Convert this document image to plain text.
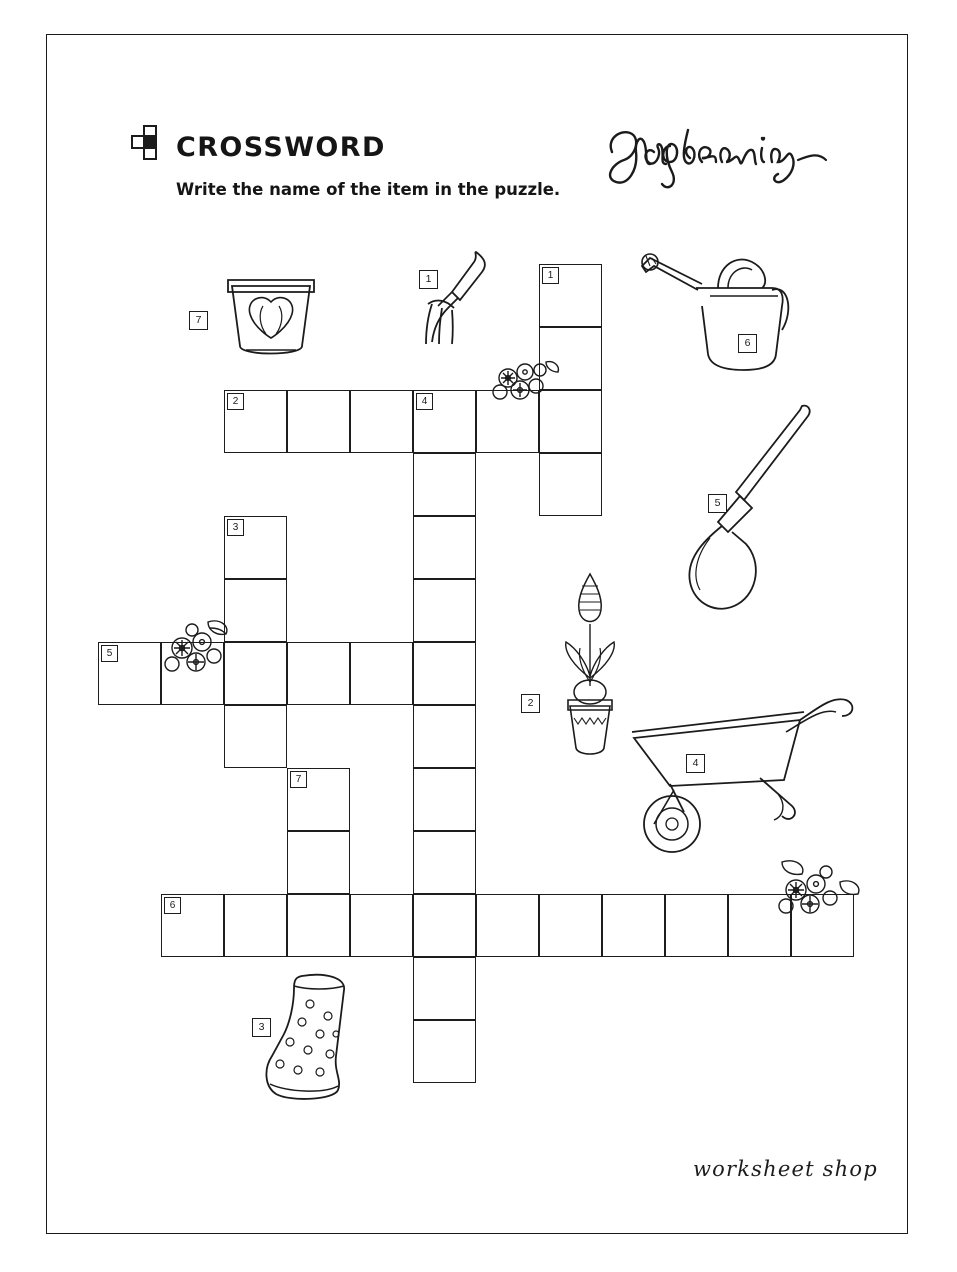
CROSSWORD
Write the name of the item in the puzzle.
1
2	4
3
5
7
6
7
1
6
5
2
4
3
worksheet shop
